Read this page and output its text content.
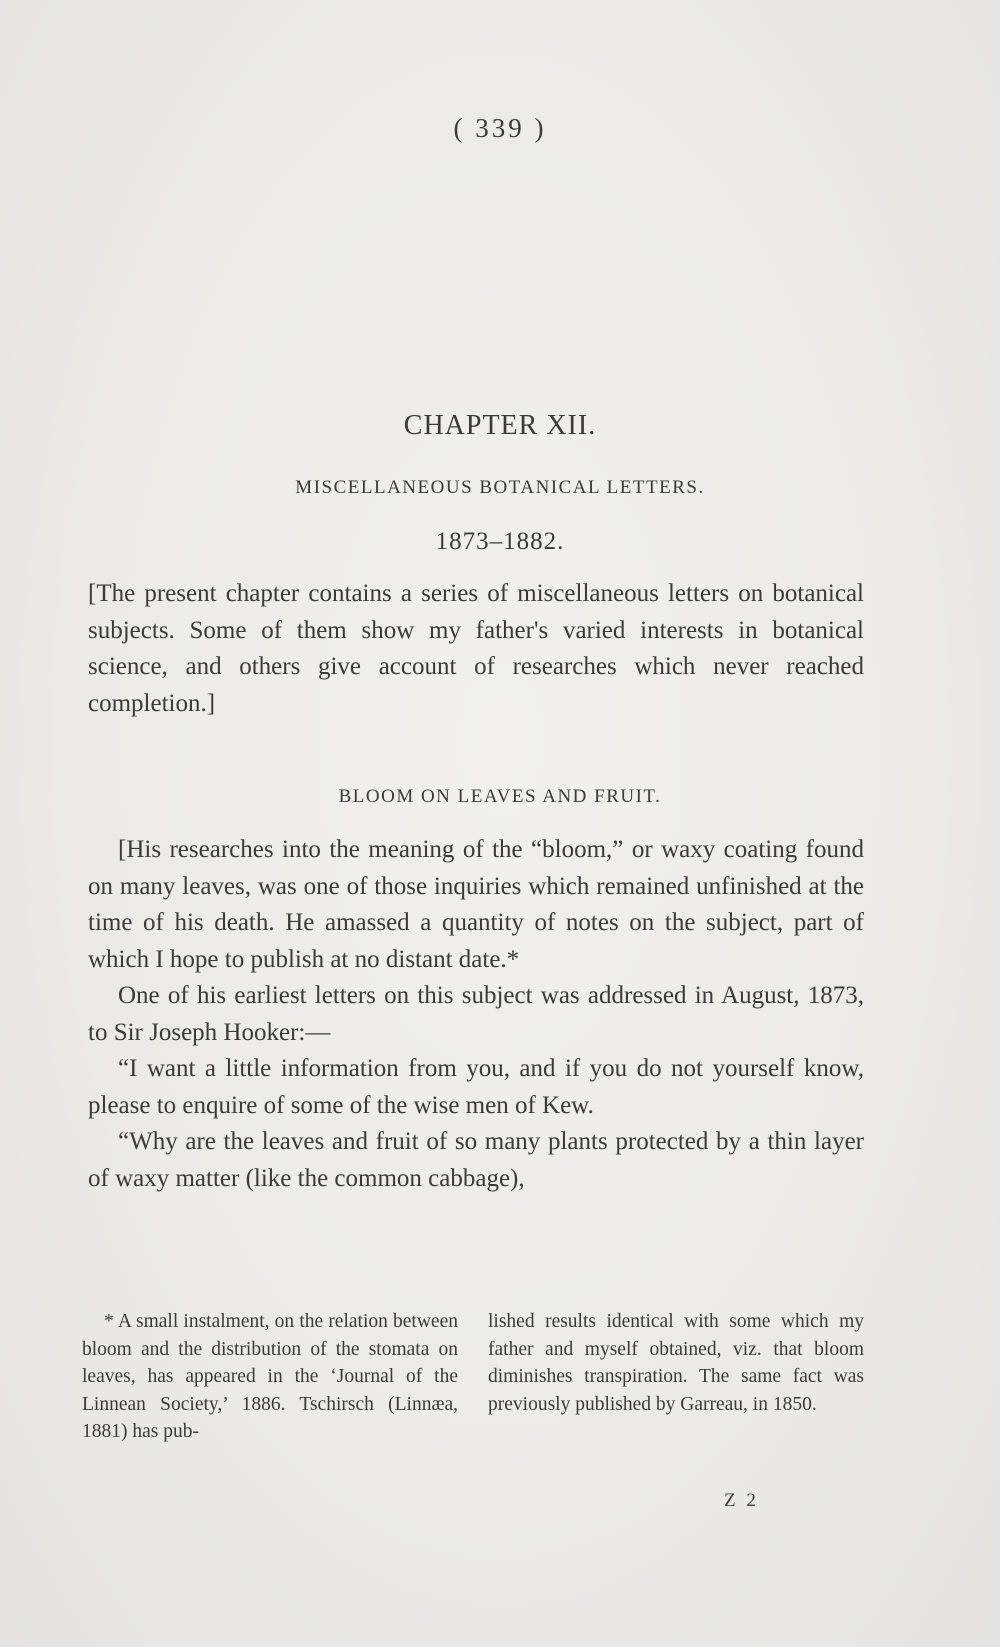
( 339 )
CHAPTER XII.
MISCELLANEOUS BOTANICAL LETTERS.
1873–1882.
[The present chapter contains a series of miscellaneous letters on botanical subjects. Some of them show my father's varied interests in botanical science, and others give account of researches which never reached completion.]
BLOOM ON LEAVES AND FRUIT.

[His researches into the meaning of the “bloom,” or waxy coating found on many leaves, was one of those inquiries which remained unfinished at the time of his death. He amassed a quantity of notes on the subject, part of which I hope to publish at no distant date.*

One of his earliest letters on this subject was addressed in August, 1873, to Sir Joseph Hooker:—

“I want a little information from you, and if you do not yourself know, please to enquire of some of the wise men of Kew.

“Why are the leaves and fruit of so many plants protected by a thin layer of waxy matter (like the common cabbage),

* A small instalment, on the relation between bloom and the distribution of the stomata on leaves, has appeared in the ‘Journal of the Linnean Society,’ 1886. Tschirsch (Linnæa, 1881) has pub-
lished results identical with some which my father and myself obtained, viz. that bloom diminishes transpiration. The same fact was previously published by Garreau, in 1850.
Z 2
